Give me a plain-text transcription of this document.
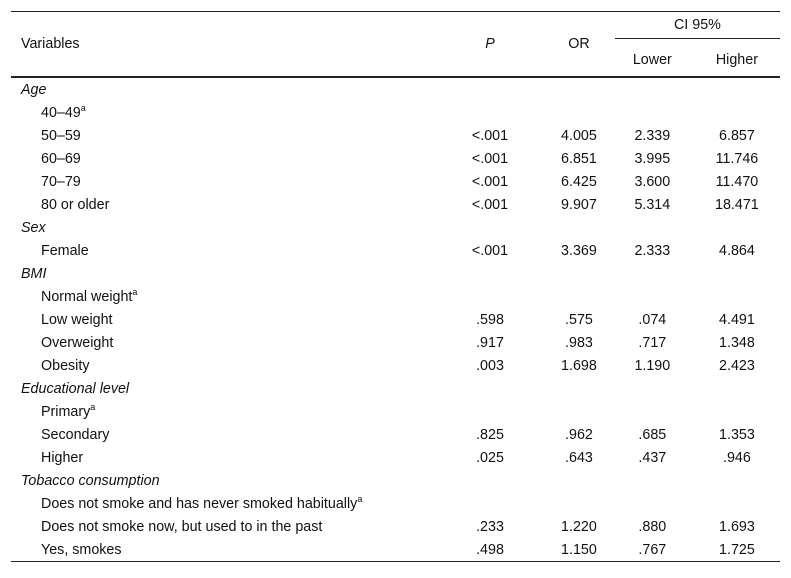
Variables	P	OR	CI 95%	

			Lower	Higher

Age				
40–49$^a$				
50–59	<.001	4.005	2.339	6.857
60–69	<.001	6.851	3.995	11.746
70–79	<.001	6.425	3.600	11.470
80 or older	<.001	9.907	5.314	18.471
Sex				
Female	<.001	3.369	2.333	4.864
BMI				
Normal weight$^a$				
Low weight	.598	.575	.074	4.491
Overweight	.917	.983	.717	1.348
Obesity	.003	1.698	1.190	2.423
Educational level				
Primary$^a$				
Secondary	.825	.962	.685	1.353
Higher	.025	.643	.437	.946
Tobacco consumption				
Does not smoke and has never smoked habitually$^a$				
Does not smoke now, but used to in the past	.233	1.220	.880	1.693
Yes, smokes	.498	1.150	.767	1.725
